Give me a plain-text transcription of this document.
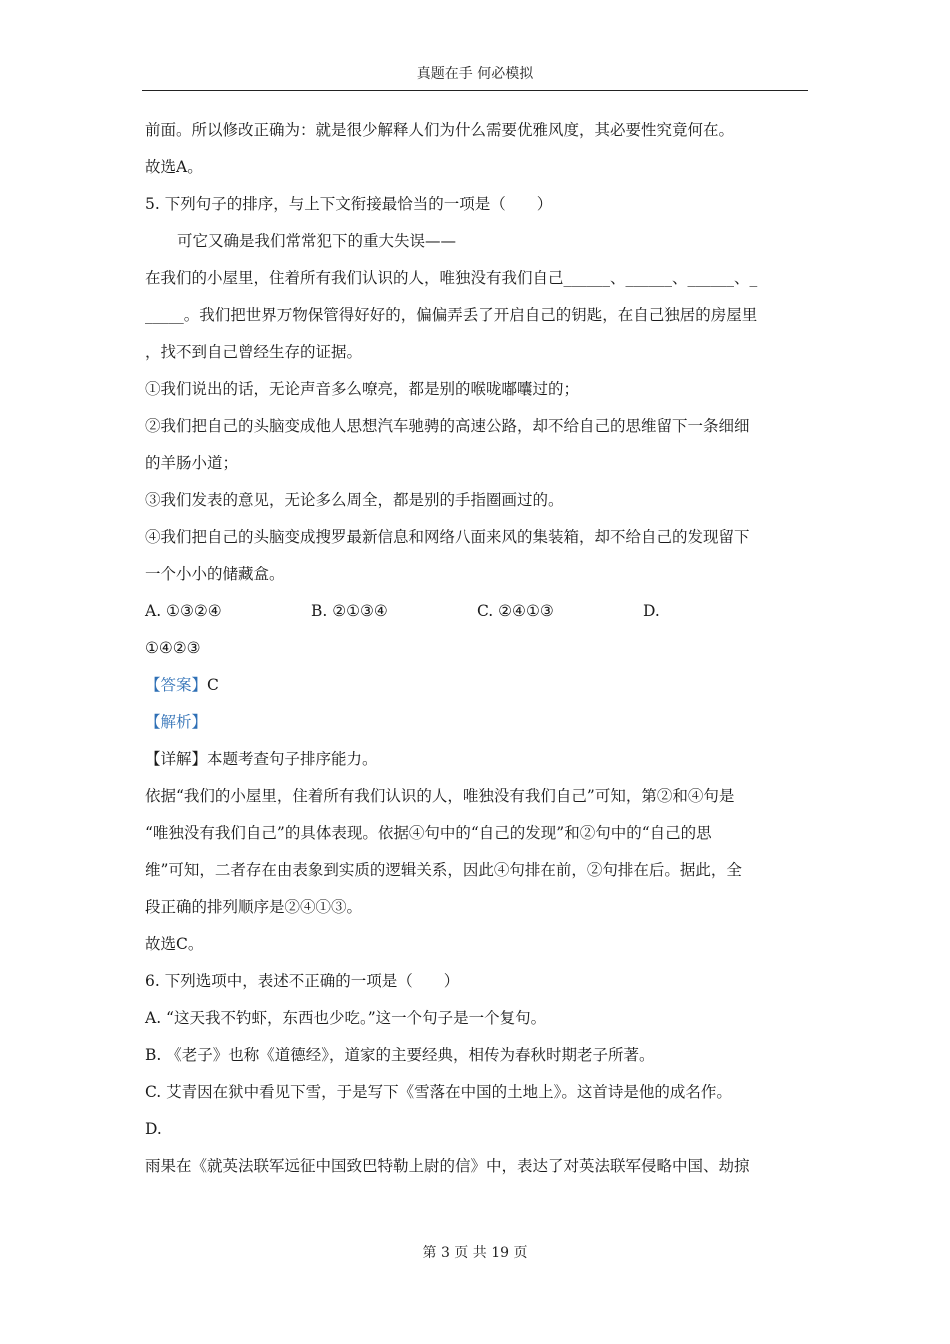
真题在手 何必模拟
前面。所以修改正确为：就是很少解释人们为什么需要优雅风度，其必要性究竟何在。
故选A。
5. 下列句子的排序，与上下文衔接最恰当的一项是（　　）
可它又确是我们常常犯下的重大失误——
在我们的小屋里，住着所有我们认识的人，唯独没有我们自己______、______、______、_
_____。我们把世界万物保管得好好的，偏偏弄丢了开启自己的钥匙，在自己独居的房屋里
，找不到自己曾经生存的证据。
①我们说出的话，无论声音多么嘹亮，都是别的喉咙嘟囔过的；
②我们把自己的头脑变成他人思想汽车驰骋的高速公路，却不给自己的思维留下一条细细
的羊肠小道；
③我们发表的意见，无论多么周全，都是别的手指圈画过的。
④我们把自己的头脑变成搜罗最新信息和网络八面来风的集装箱，却不给自己的发现留下
一个小小的储藏盒。
A. ①③②④	B. ②①③④	C. ②④①③	D.
①④②③
【答案】C
【解析】
【详解】本题考查句子排序能力。
依据“我们的小屋里，住着所有我们认识的人，唯独没有我们自己”可知，第②和④句是
“唯独没有我们自己”的具体表现。依据④句中的“自己的发现”和②句中的“自己的思
维”可知，二者存在由表象到实质的逻辑关系，因此④句排在前，②句排在后。据此，全
段正确的排列顺序是②④①③。
故选C。
6. 下列选项中，表述不正确的一项是（　　）
A. “这天我不钓虾，东西也少吃。”这一个句子是一个复句。
B. 《老子》也称《道德经》，道家的主要经典，相传为春秋时期老子所著。
C. 艾青因在狱中看见下雪，于是写下《雪落在中国的土地上》。这首诗是他的成名作。
D.
雨果在《就英法联军远征中国致巴特勒上尉的信》中，表达了对英法联军侵略中国、劫掠
第 3 页 共 19 页
